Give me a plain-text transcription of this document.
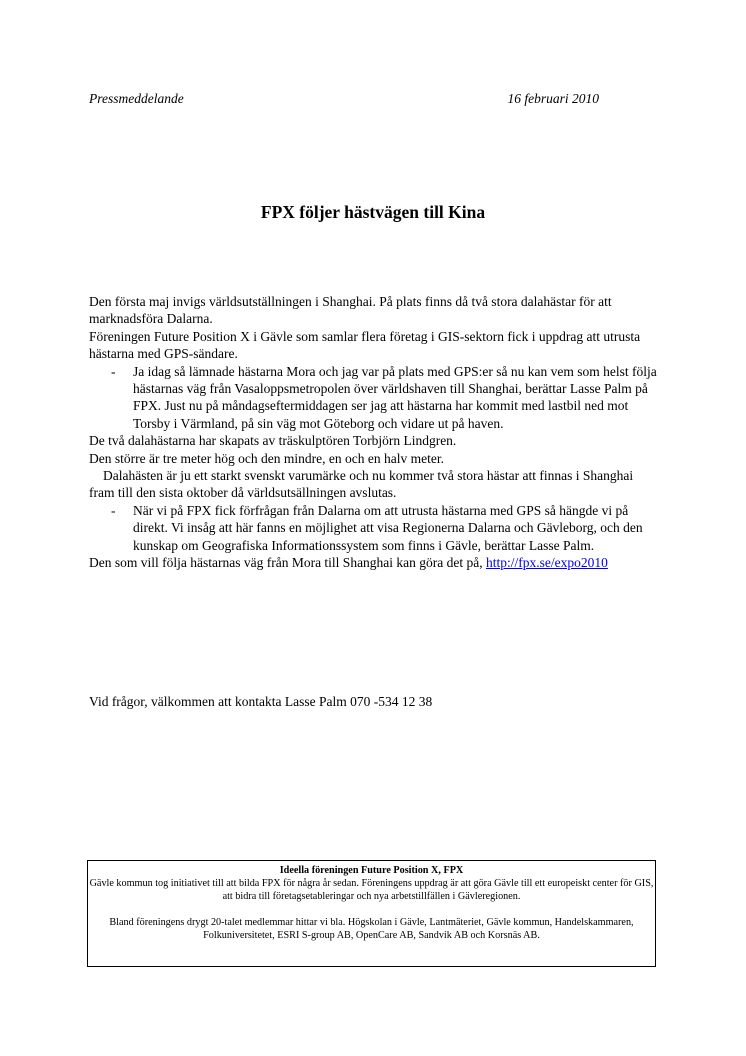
Pressmeddelande	16 februari 2010
FPX följer hästvägen till Kina

Den första maj invigs världsutställningen i Shanghai. På plats finns då två stora dalahästar för att marknadsföra Dalarna.

Föreningen Future Position X i Gävle som samlar flera företag i GIS-sektorn fick i uppdrag att utrusta hästarna med GPS-sändare.

- Ja idag så lämnade hästarna Mora och jag var på plats med GPS:er så nu kan vem som helst följa hästarnas väg från Vasaloppsmetropolen över världshaven till Shanghai, berättar Lasse Palm på FPX. Just nu på måndagseftermiddagen ser jag att hästarna har kommit med lastbil ned mot Torsby i Värmland, på sin väg mot Göteborg och vidare ut på haven.

De två dalahästarna har skapats av träskulptören Torbjörn Lindgren.

Den större är tre meter hög och den mindre, en och en halv meter.

Dalahästen är ju ett starkt svenskt varumärke och nu kommer två stora hästar att finnas i Shanghai fram till den sista oktober då världsutsällningen avslutas.

- När vi på FPX fick förfrågan från Dalarna om att utrusta hästarna med GPS så hängde vi på direkt. Vi insåg att här fanns en möjlighet att visa Regionerna Dalarna och Gävleborg, och den kunskap om Geografiska Informationssystem som finns i Gävle, berättar Lasse Palm.

Den som vill följa hästarnas väg från Mora till Shanghai kan göra det på, http://fpx.se/expo2010

Vid frågor, välkommen att kontakta Lasse Palm 070 -534 12 38

Ideella föreningen Future Position X, FPX

Gävle kommun tog initiativet till att bilda FPX för några år sedan. Föreningens uppdrag är att göra Gävle till ett europeiskt center för GIS, att bidra till företagsetableringar och nya arbetstillfällen i Gävleregionen.

Bland föreningens drygt 20-talet medlemmar hittar vi bla. Högskolan i Gävle, Lantmäteriet, Gävle kommun, Handelskammaren, Folkuniversitetet, ESRI S-group AB, OpenCare AB, Sandvik AB och Korsnäs AB.
